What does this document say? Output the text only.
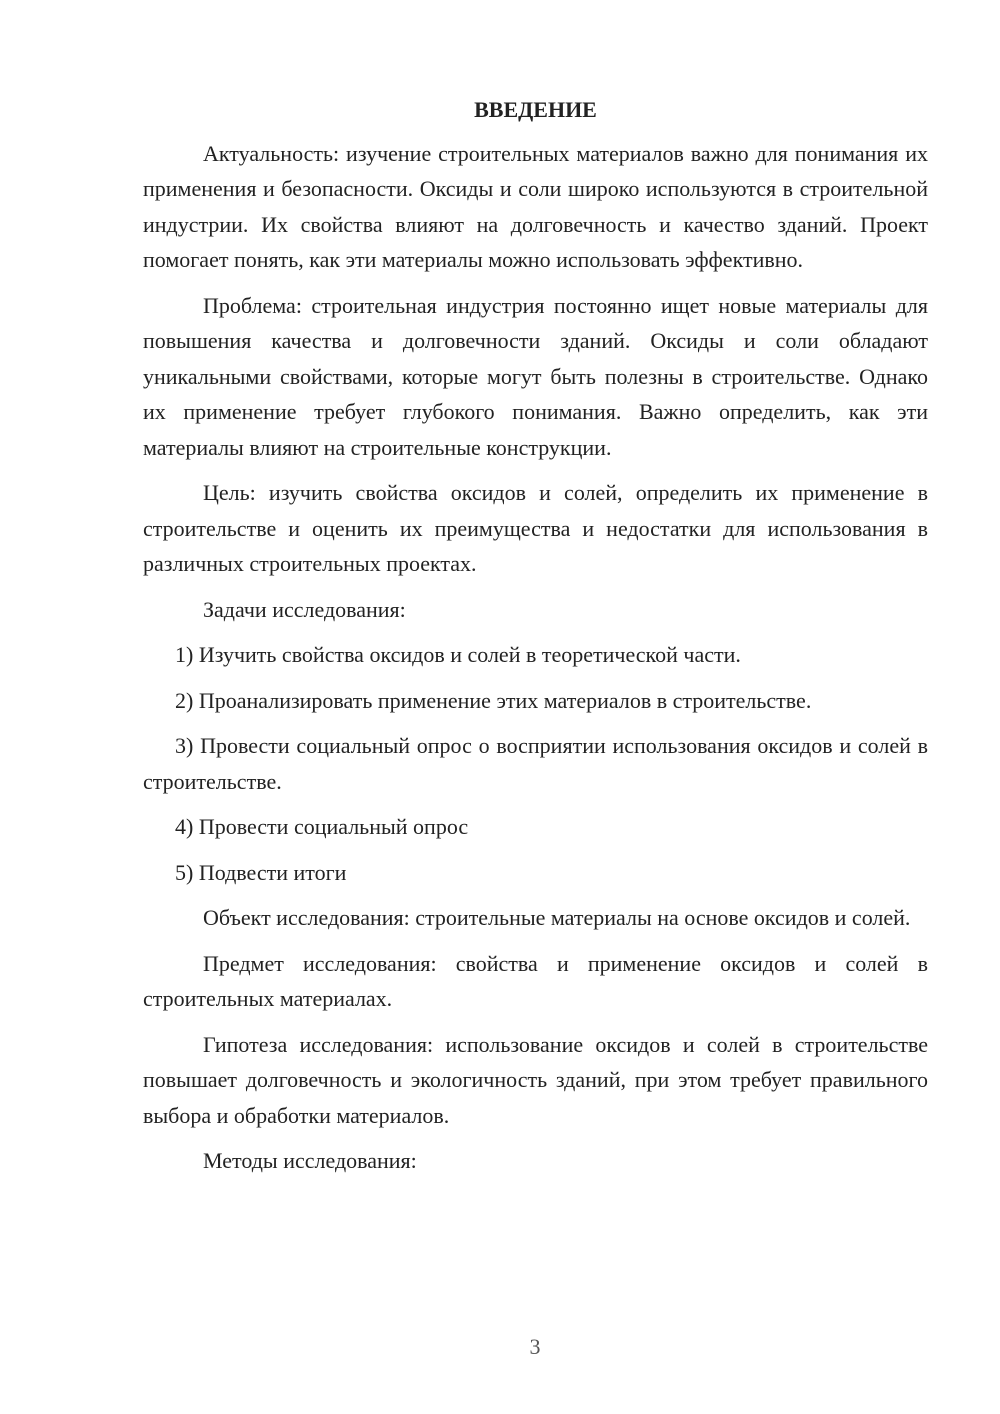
ВВЕДЕНИЕ

Актуальность: изучение строительных материалов важно для понимания их применения и безопасности. Оксиды и соли широко используются в строительной индустрии. Их свойства влияют на долговечность и качество зданий. Проект помогает понять, как эти материалы можно использовать эффективно.

Проблема: строительная индустрия постоянно ищет новые материалы для повышения качества и долговечности зданий. Оксиды и соли обладают уникальными свойствами, которые могут быть полезны в строительстве. Однако их применение требует глубокого понимания. Важно определить, как эти материалы влияют на строительные конструкции.

Цель: изучить свойства оксидов и солей, определить их применение в строительстве и оценить их преимущества и недостатки для использования в различных строительных проектах.

Задачи исследования:

1) Изучить свойства оксидов и солей в теоретической части.

2) Проанализировать применение этих материалов в строительстве.

3) Провести социальный опрос о восприятии использования оксидов и солей в строительстве.

4) Провести социальный опрос

5) Подвести итоги

Объект исследования: строительные материалы на основе оксидов и солей.

Предмет исследования: свойства и применение оксидов и солей в строительных материалах.

Гипотеза исследования: использование оксидов и солей в строительстве повышает долговечность и экологичность зданий, при этом требует правильного выбора и обработки материалов.

Методы исследования:

3
